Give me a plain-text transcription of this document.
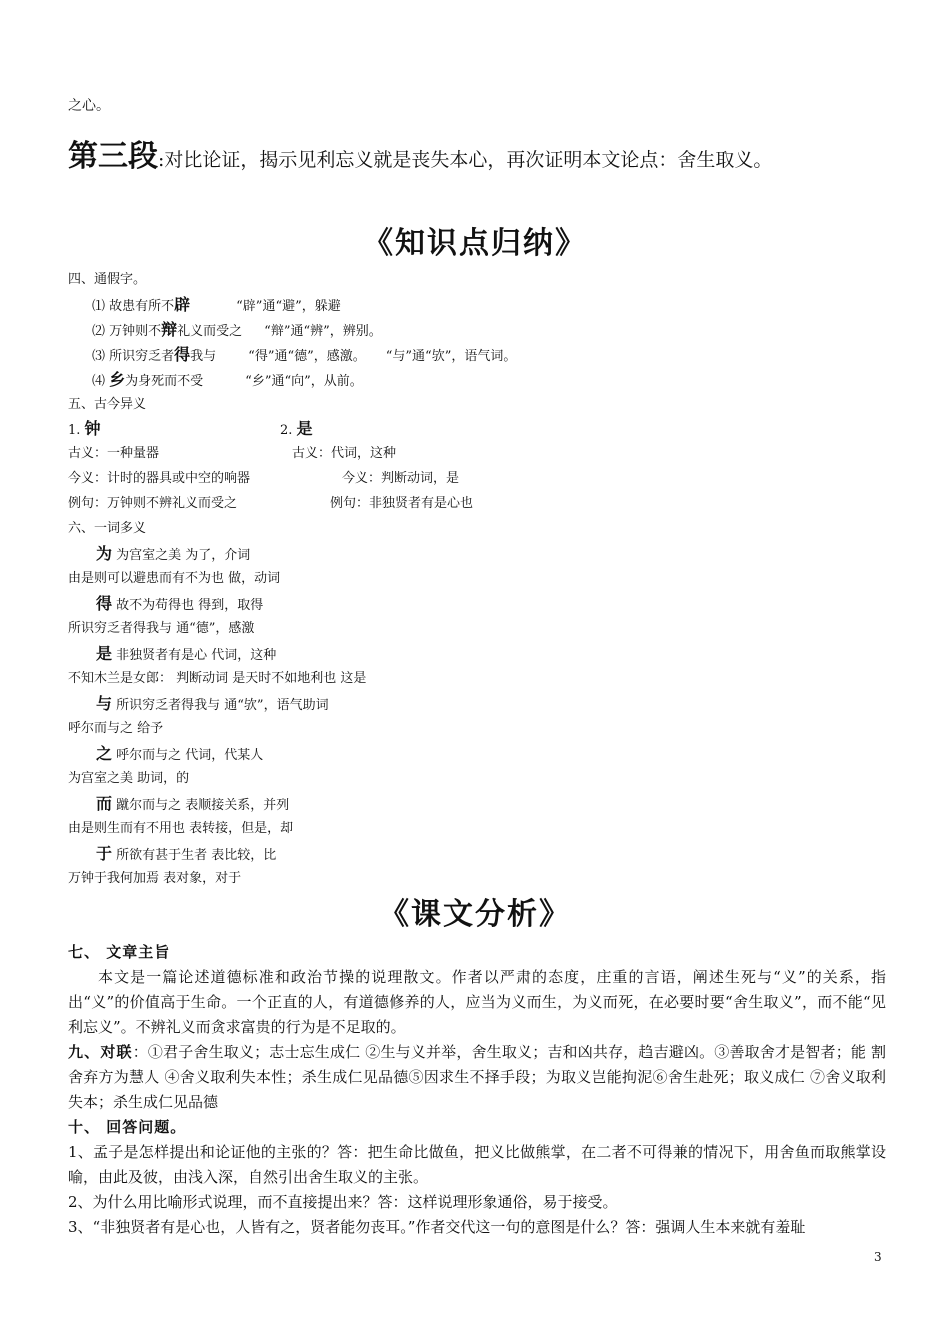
之心。
第三段:对比论证，揭示见利忘义就是丧失本心，再次证明本文论点：舍生取义。
《知识点归纳》
四、通假字。
⑴ 故患有所不辟	“辟”通“避”，躲避
⑵ 万钟则不辩礼义而受之 “辩”通“辨”，辨别。
⑶ 所识穷乏者得我与 “得”通“德”，感激。 “与”通“欤”，语气词。
⑷ 乡为身死而不受	“乡”通“向”，从前。
五、古今异义
1. 钟	2. 是
古义：一种量器	古义：代词，这种
今义：计时的器具或中空的响器	今义：判断动词，是
例句：万钟则不辨礼义而受之	例句：非独贤者有是心也
六、一词多义
为 为宫室之美 为了，介词
由是则可以避患而有不为也 做，动词
得 故不为苟得也 得到，取得
所识穷乏者得我与 通“德”，感激
是 非独贤者有是心 代词，这种
不知木兰是女郎： 判断动词 是天时不如地利也 这是
与 所识穷乏者得我与 通“欤”，语气助词
呼尔而与之 给予
之 呼尔而与之 代词，代某人
为宫室之美 助词，的
而 蹴尔而与之 表顺接关系，并列
由是则生而有不用也 表转接，但是，却
于 所欲有甚于生者 表比较，比
万钟于我何加焉 表对象，对于
《课文分析》
七、 文章主旨
本文是一篇论述道德标准和政治节操的说理散文。作者以严肃的态度，庄重的言语，阐述生死与“义”的关系，指出“义”的价值高于生命。一个正直的人，有道德修养的人，应当为义而生，为义而死，在必要时要“舍生取义”，而不能“见利忘义”。不辨礼义而贪求富贵的行为是不足取的。
九、对联：①君子舍生取义；志士忘生成仁 ②生与义并举，舍生取义；吉和凶共存，趋吉避凶。③善取舍才是智者；能 割舍弃方为慧人 ④舍义取利失本性；杀生成仁见品德⑤因求生不择手段；为取义岂能拘泥⑥舍生赴死；取义成仁 ⑦舍义取利失本；杀生成仁见品德
十、 回答问题。
1、孟子是怎样提出和论证他的主张的？答：把生命比做鱼，把义比做熊掌，在二者不可得兼的情况下，用舍鱼而取熊掌设喻，由此及彼，由浅入深，自然引出舍生取义的主张。
2、为什么用比喻形式说理，而不直接提出来？答：这样说理形象通俗，易于接受。
3、“非独贤者有是心也，人皆有之，贤者能勿丧耳。”作者交代这一句的意图是什么？答：强调人生本来就有羞耻
3
